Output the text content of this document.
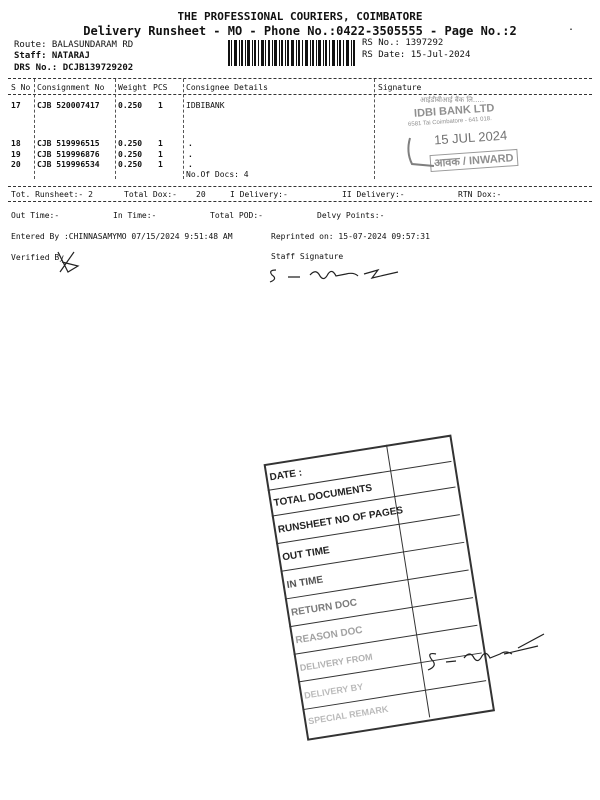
THE PROFESSIONAL COURIERS, COIMBATORE
Delivery Runsheet - MO - Phone No.:0422-3505555 - Page No.:2
Route: BALASUNDARAM RD
Staff: NATARAJ
DRS No.: DCJB139729202
RS No.: 1397292
RS Date: 15-Jul-2024
S No Consignment No Weight PCS Consignee Details	Signature
17 CJB 520007417 0.250 1	IDBIBANK
18 CJB 519996515 0.250 1	.
19 CJB 519996876 0.250 1	.
20 CJB 519996534 0.250 1	.
No.Of Docs: 4
आईडीबीआई बैंक लि.....
IDBI BANK LTD
6581 Tai Coimbatore - 641 018.
15 JUL 2024
आवक / INWARD
Tot. Runsheet:- 2	Total Dox:- 20	I Delivery:-	II Delivery:-	RTN Dox:-
Out Time:-	In Time:-	Total POD:-	Delvy Points:-
Entered By :CHINNASAMYMO 07/15/2024 9:51:48 AM	Reprinted on: 15-07-2024 09:57:31
Verified By	Staff Signature
.
DATE :
TOTAL DOCUMENTS
RUNSHEET NO OF PAGES
OUT TIME
IN TIME
RETURN DOC
REASON DOC
DELIVERY FROM
DELIVERY BY
SPECIAL REMARK
